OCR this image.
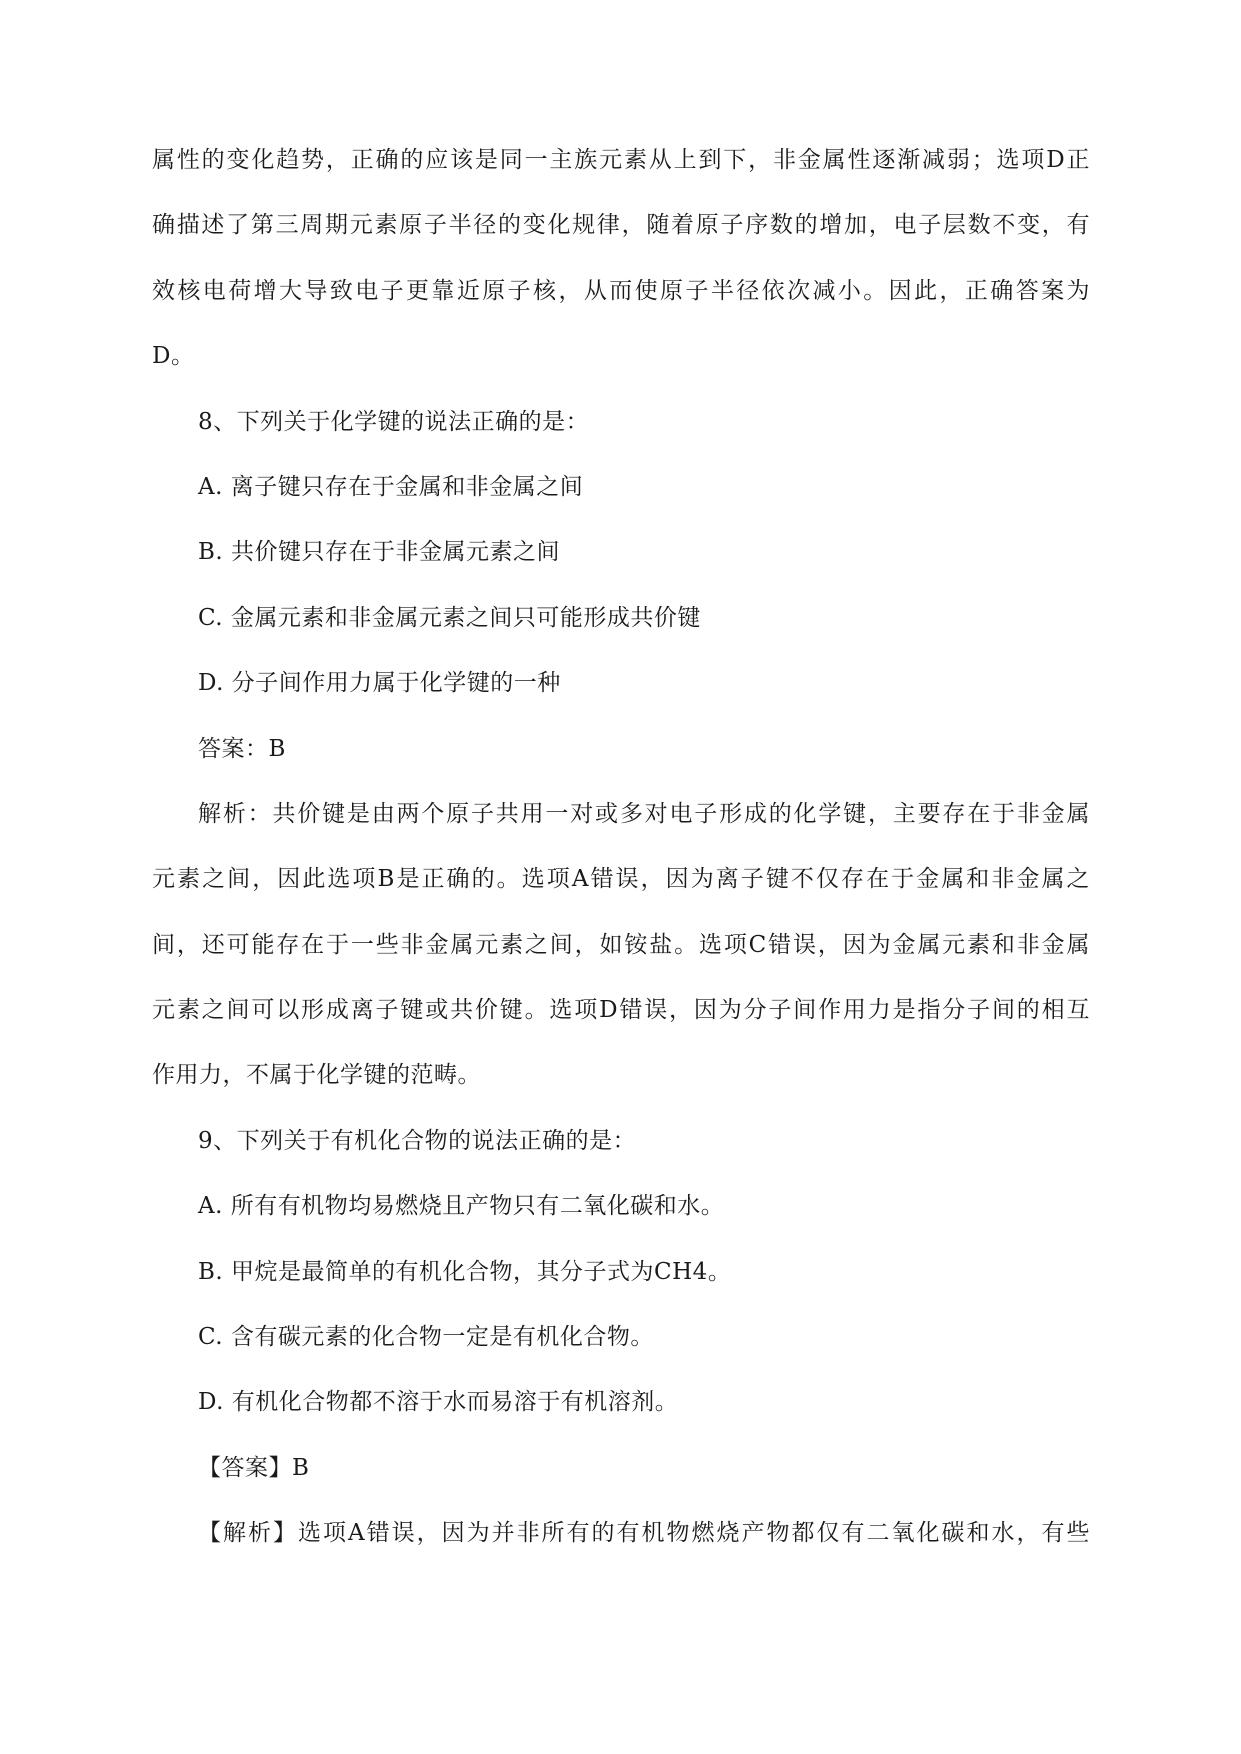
属性的变化趋势，正确的应该是同一主族元素从上到下，非金属性逐渐减弱；选项D正
确描述了第三周期元素原子半径的变化规律，随着原子序数的增加，电子层数不变，有
效核电荷增大导致电子更靠近原子核，从而使原子半径依次减小。因此，正确答案为
D。
8、下列关于化学键的说法正确的是：
A. 离子键只存在于金属和非金属之间
B. 共价键只存在于非金属元素之间
C. 金属元素和非金属元素之间只可能形成共价键
D. 分子间作用力属于化学键的一种
答案：B
解析：共价键是由两个原子共用一对或多对电子形成的化学键，主要存在于非金属
元素之间，因此选项B是正确的。选项A错误，因为离子键不仅存在于金属和非金属之
间，还可能存在于一些非金属元素之间，如铵盐。选项C错误，因为金属元素和非金属
元素之间可以形成离子键或共价键。选项D错误，因为分子间作用力是指分子间的相互
作用力，不属于化学键的范畴。
9、下列关于有机化合物的说法正确的是：
A. 所有有机物均易燃烧且产物只有二氧化碳和水。
B. 甲烷是最简单的有机化合物，其分子式为CH4。
C. 含有碳元素的化合物一定是有机化合物。
D. 有机化合物都不溶于水而易溶于有机溶剂。
【答案】B
【解析】选项A错误，因为并非所有的有机物燃烧产物都仅有二氧化碳和水，有些
